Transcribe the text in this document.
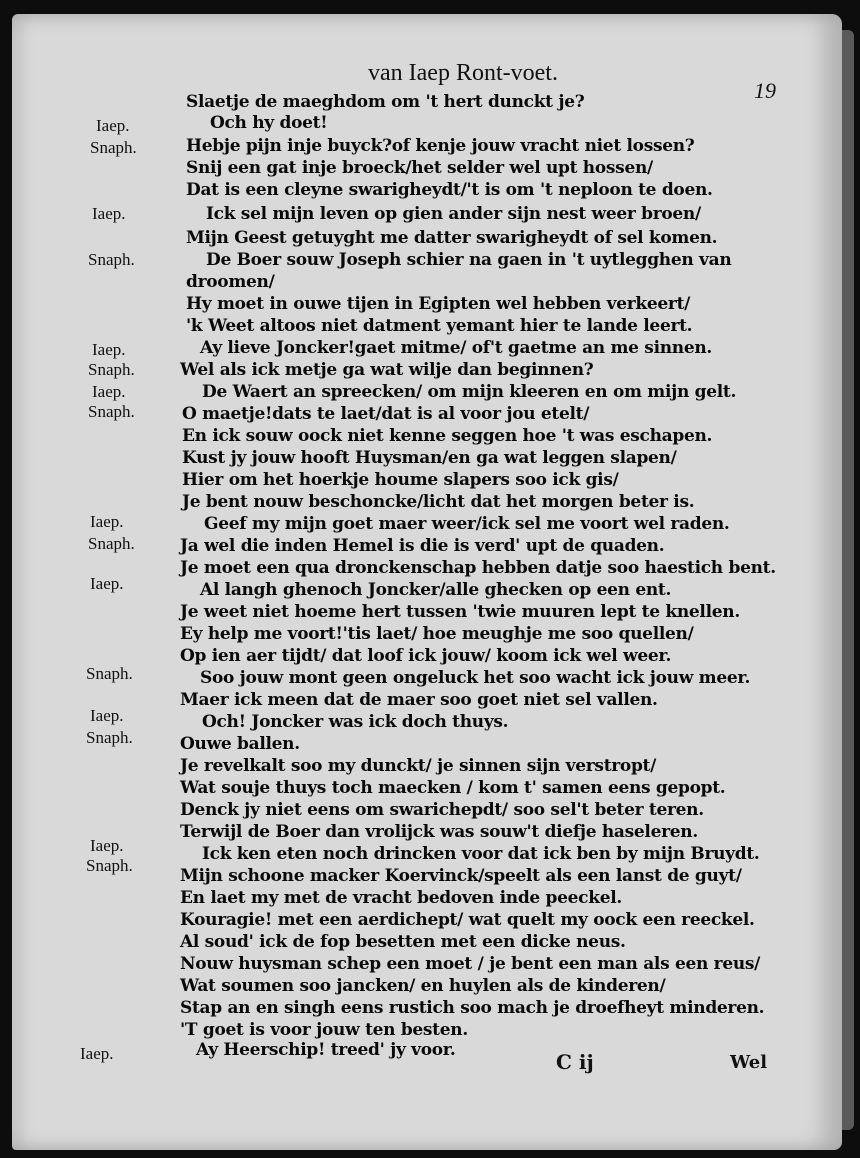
van Iaep Ront-voet.
19
Slaetje de maeghdom om 't hert dunckt je?
Och hy doet!
Hebje pijn inje buyck?of kenje jouw vracht niet lossen?
Snij een gat inje broeck/het selder wel upt hossen/
Dat is een cleyne swarigheydt/'t is om 't neploon te doen.
Ick sel mijn leven op gien ander sijn nest weer broen/
Mijn Geest getuyght me datter swarigheydt of sel komen.
De Boer souw Joseph schier na gaen in 't uytlegghen van
droomen/
Hy moet in ouwe tijen in Egipten wel hebben verkeert/
'k Weet altoos niet datment yemant hier te lande leert.
Ay lieve Joncker!gaet mitme/ of't gaetme an me sinnen.
Wel als ick metje ga wat wilje dan beginnen?
De Waert an spreecken/ om mijn kleeren en om mijn gelt.
O maetje!dats te laet/dat is al voor jou etelt/
En ick souw oock niet kenne seggen hoe 't was eschapen.
Kust jy jouw hooft Huysman/en ga wat leggen slapen/
Hier om het hoerkje houme slapers soo ick gis/
Je bent nouw beschoncke/licht dat het morgen beter is.
Geef my mijn goet maer weer/ick sel me voort wel raden.
Ja wel die inden Hemel is die is verd' upt de quaden.
Je moet een qua dronckenschap hebben datje soo haestich bent.
Al langh ghenoch Joncker/alle ghecken op een ent.
Je weet niet hoeme hert tussen 'twie muuren lept te knellen.
Ey help me voort!'tis laet/ hoe meughje me soo quellen/
Op ien aer tijdt/ dat loof ick jouw/ koom ick wel weer.
Soo jouw mont geen ongeluck het soo wacht ick jouw meer.
Maer ick meen dat de maer soo goet niet sel vallen.
Och! Joncker was ick doch thuys.
Ouwe ballen.
Je revelkalt soo my dunckt/ je sinnen sijn verstropt/
Wat souje thuys toch maecken / kom t' samen eens gepopt.
Denck jy niet eens om swarichepdt/ soo sel't beter teren.
Terwijl de Boer dan vrolijck was souw't diefje haseleren.
Ick ken eten noch drincken voor dat ick ben by mijn Bruydt.
Mijn schoone macker Koervinck/speelt als een lanst de guyt/
En laet my met de vracht bedoven inde peeckel.
Kouragie! met een aerdichept/ wat quelt my oock een reeckel.
Al soud' ick de fop besetten met een dicke neus.
Nouw huysman schep een moet / je bent een man als een reus/
Wat soumen soo jancken/ en huylen als de kinderen/
Stap an en singh eens rustich soo mach je droefheyt minderen.
'T goet is voor jouw ten besten.
Ay Heerschip! treed' jy voor.
Iaep.
Snaph.
Iaep.
Snaph.
Iaep.
Snaph.
Iaep.
Snaph.
Iaep.
Snaph.
Iaep.
Snaph.
Iaep.
Snaph.
Iaep.
Snaph.
Iaep.	C ij	Wel
